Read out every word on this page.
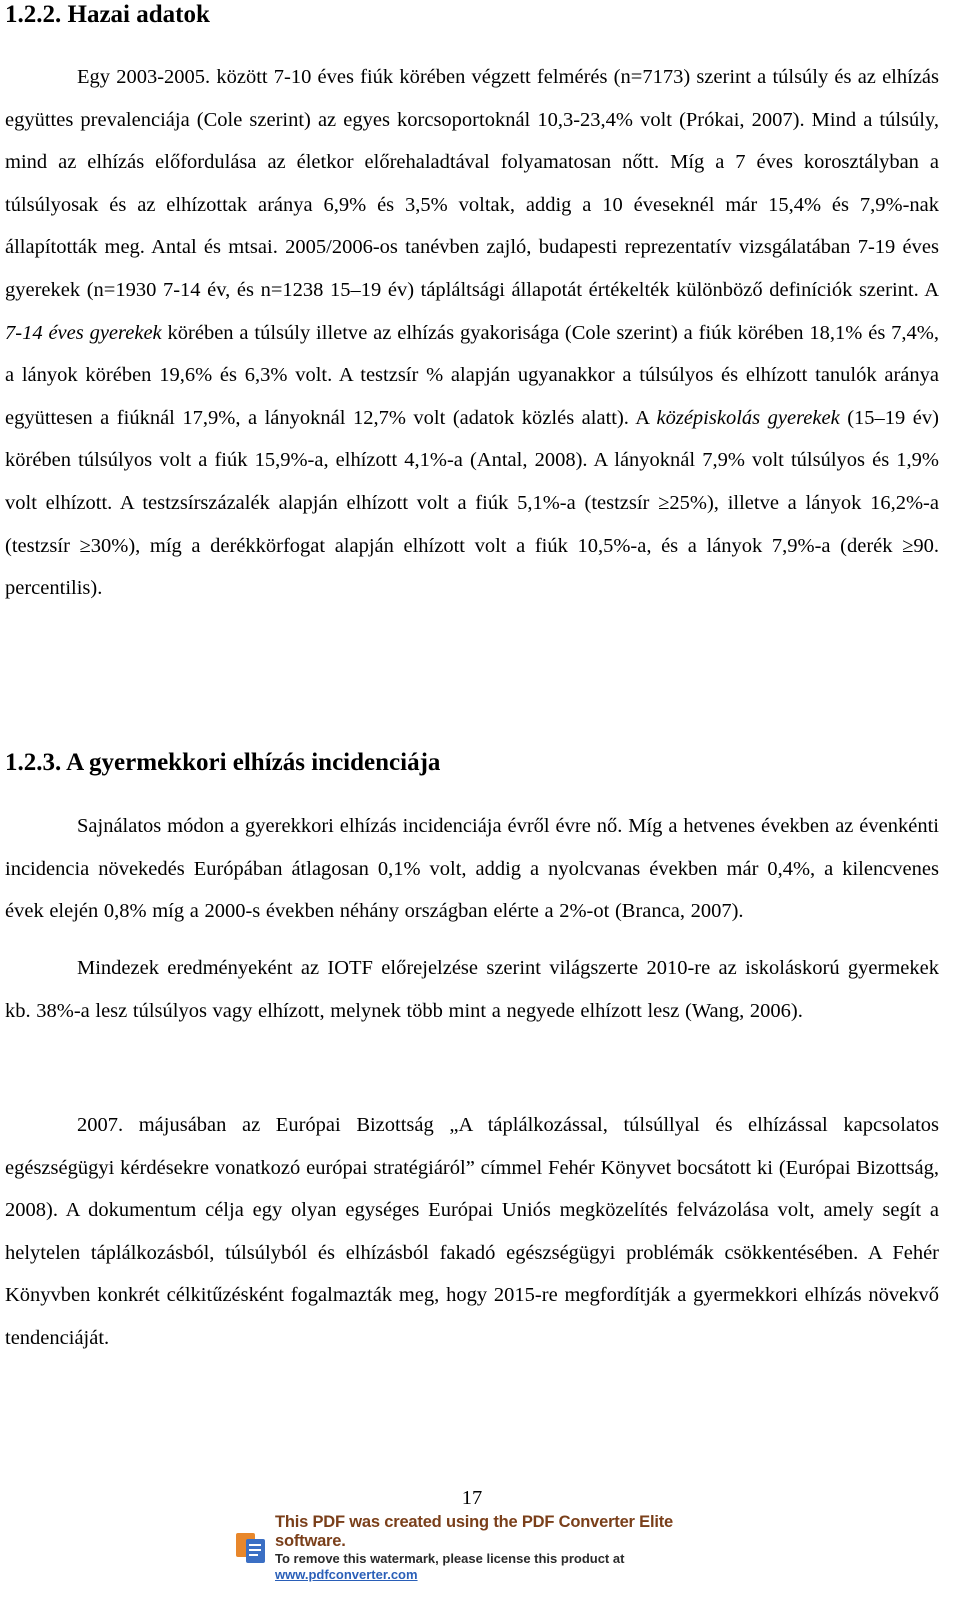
1.2.2. Hazai adatok

Egy 2003-2005. között 7-10 éves fiúk körében végzett felmérés (n=7173) szerint a túlsúly és az elhízás együttes prevalenciája (Cole szerint) az egyes korcsoportoknál 10,3-23,4% volt (Prókai, 2007). Mind a túlsúly, mind az elhízás előfordulása az életkor előrehaladtával folyamatosan nőtt. Míg a 7 éves korosztályban a túlsúlyosak és az elhízottak aránya 6,9% és 3,5% voltak, addig a 10 éveseknél már 15,4% és 7,9%-nak állapították meg. Antal és mtsai. 2005/2006-os tanévben zajló, budapesti reprezentatív vizsgálatában 7-19 éves gyerekek (n=1930 7-14 év, és n=1238 15–19 év) tápláltsági állapotát értékelték különböző definíciók szerint. A 7-14 éves gyerekek körében a túlsúly illetve az elhízás gyakorisága (Cole szerint) a fiúk körében 18,1% és 7,4%, a lányok körében 19,6% és 6,3% volt. A testzsír % alapján ugyanakkor a túlsúlyos és elhízott tanulók aránya együttesen a fiúknál 17,9%, a lányoknál 12,7% volt (adatok közlés alatt). A középiskolás gyerekek (15–19 év) körében túlsúlyos volt a fiúk 15,9%-a, elhízott 4,1%-a (Antal, 2008). A lányoknál 7,9% volt túlsúlyos és 1,9% volt elhízott. A testzsírszázalék alapján elhízott volt a fiúk 5,1%-a (testzsír ≥25%), illetve a lányok 16,2%-a (testzsír ≥30%), míg a derékkörfogat alapján elhízott volt a fiúk 10,5%-a, és a lányok 7,9%-a (derék ≥90. percentilis).

1.2.3. A gyermekkori elhízás incidenciája

Sajnálatos módon a gyerekkori elhízás incidenciája évről évre nő. Míg a hetvenes években az évenkénti incidencia növekedés Európában átlagosan 0,1% volt, addig a nyolcvanas években már 0,4%, a kilencvenes évek elején 0,8% míg a 2000-s években néhány országban elérte a 2%-ot (Branca, 2007).

Mindezek eredményeként az IOTF előrejelzése szerint világszerte 2010-re az iskoláskorú gyermekek kb. 38%-a lesz túlsúlyos vagy elhízott, melynek több mint a negyede elhízott lesz (Wang, 2006).

2007. májusában az Európai Bizottság „A táplálkozással, túlsúllyal és elhízással kapcsolatos egészségügyi kérdésekre vonatkozó európai stratégiáról” címmel Fehér Könyvet bocsátott ki (Európai Bizottság, 2008). A dokumentum célja egy olyan egységes Európai Uniós megközelítés felvázolása volt, amely segít a helytelen táplálkozásból, túlsúlyból és elhízásból fakadó egészségügyi problémák csökkentésében. A Fehér Könyvben konkrét célkitűzésként fogalmazták meg, hogy 2015-re megfordítják a gyermekkori elhízás növekvő tendenciáját.

17
This PDF was created using the PDF Converter Elite software.
To remove this watermark, please license this product at www.pdfconverter.com
